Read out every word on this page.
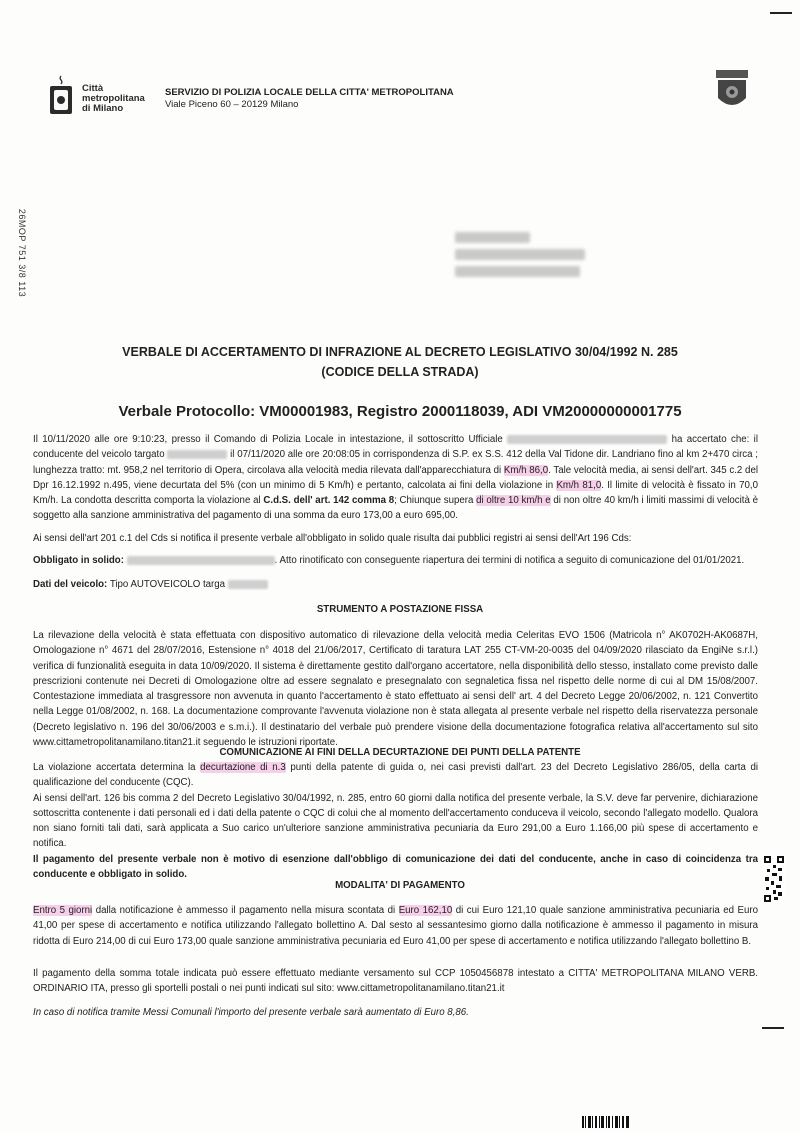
26MOP 751 3/8 113
Città
metropolitana
di Milano
SERVIZIO DI POLIZIA LOCALE DELLA CITTA' METROPOLITANA
Viale Piceno 60 – 20129 Milano
VERBALE DI ACCERTAMENTO DI INFRAZIONE AL DECRETO LEGISLATIVO 30/04/1992 N. 285
(CODICE DELLA STRADA)
Verbale Protocollo: VM00001983, Registro 2000118039, ADI VM20000000001775

Il 10/11/2020 alle ore 9:10:23, presso il Comando di Polizia Locale in intestazione, il sottoscritto Ufficiale	ha accertato che: il conducente del veicolo targato	il 07/11/2020 alle ore 20:08:05 in corrispondenza di S.P. ex S.S. 412 della Val Tidone dir. Landriano fino al km 2+470 circa ; lunghezza tratto: mt. 958,2 nel territorio di Opera, circolava alla velocità media rilevata dall'apparecchiatura di Km/h 86,0. Tale velocità media, ai sensi dell'art. 345 c.2 del Dpr 16.12.1992 n.495, viene decurtata del 5% (con un minimo di 5 Km/h) e pertanto, calcolata ai fini della violazione in Km/h 81,0. Il limite di velocità è fissato in 70,0 Km/h. La condotta descritta comporta la violazione al C.d.S. dell' art. 142 comma 8; Chiunque supera di oltre 10 km/h e di non oltre 40 km/h i limiti massimi di velocità è soggetto alla sanzione amministrativa del pagamento di una somma da euro 173,00 a euro 695,00.

Ai sensi dell'art 201 c.1 del Cds si notifica il presente verbale all'obbligato in solido quale risulta dai pubblici registri ai sensi dell'Art 196 Cds:

Obbligato in solido:	. Atto rinotificato con conseguente riapertura dei termini di notifica a seguito di comunicazione del 01/01/2021.

Dati del veicolo: Tipo AUTOVEICOLO targa

STRUMENTO A POSTAZIONE FISSA

La rilevazione della velocità è stata effettuata con dispositivo automatico di rilevazione della velocità media Celeritas EVO 1506 (Matricola n° AK0702H-AK0687H, Omologazione n° 4671 del 28/07/2016, Estensione n° 4018 del 21/06/2017, Certificato di taratura LAT 255 CT-VM-20-0035 del 04/09/2020 rilasciato da EngiNe s.r.l.) verifica di funzionalità eseguita in data 10/09/2020. Il sistema è direttamente gestito dall'organo accertatore, nella disponibilità dello stesso, installato come previsto dalle prescrizioni contenute nei Decreti di Omologazione oltre ad essere segnalato e presegnalato con segnaletica fissa nel rispetto delle norme di cui al DM 15/08/2007. Contestazione immediata al trasgressore non avvenuta in quanto l'accertamento è stato effettuato ai sensi dell' art. 4 del Decreto Legge 20/06/2002, n. 121 Convertito nella Legge 01/08/2002, n. 168. La documentazione comprovante l'avvenuta violazione non è stata allegata al presente verbale nel rispetto della riservatezza personale (Decreto legislativo n. 196 del 30/06/2003 e s.m.i.). Il destinatario del verbale può prendere visione della documentazione fotografica relativa all'accertamento sul sito www.cittametropolitanamilano.titan21.it seguendo le istruzioni riportate.

COMUNICAZIONE AI FINI DELLA DECURTAZIONE DEI PUNTI DELLA PATENTE

La violazione accertata determina la decurtazione di n.3 punti della patente di guida o, nei casi previsti dall'art. 23 del Decreto Legislativo 286/05, della carta di qualificazione del conducente (CQC).

Ai sensi dell'art. 126 bis comma 2 del Decreto Legislativo 30/04/1992, n. 285, entro 60 giorni dalla notifica del presente verbale, la S.V. deve far pervenire, dichiarazione sottoscritta contenente i dati personali ed i dati della patente o CQC di colui che al momento dell'accertamento conduceva il veicolo, secondo l'allegato modello. Qualora non siano forniti tali dati, sarà applicata a Suo carico un'ulteriore sanzione amministrativa pecuniaria da Euro 291,00 a Euro 1.166,00 più spese di accertamento e notifica.

Il pagamento del presente verbale non è motivo di esenzione dall'obbligo di comunicazione dei dati del conducente, anche in caso di coincidenza tra conducente e obbligato in solido.

MODALITA' DI PAGAMENTO

Entro 5 giorni dalla notificazione è ammesso il pagamento nella misura scontata di Euro 162,10 di cui Euro 121,10 quale sanzione amministrativa pecuniaria ed Euro 41,00 per spese di accertamento e notifica utilizzando l'allegato bollettino A. Dal sesto al sessantesimo giorno dalla notificazione è ammesso il pagamento in misura ridotta di Euro 214,00 di cui Euro 173,00 quale sanzione amministrativa pecuniaria ed Euro 41,00 per spese di accertamento e notifica utilizzando l'allegato bollettino B.

Il pagamento della somma totale indicata può essere effettuato mediante versamento sul CCP 1050456878 intestato a CITTA' METROPOLITANA MILANO VERB. ORDINARIO ITA, presso gli sportelli postali o nei punti indicati sul sito: www.cittametropolitanamilano.titan21.it

In caso di notifica tramite Messi Comunali l'importo del presente verbale sarà aumentato di Euro 8,86.
